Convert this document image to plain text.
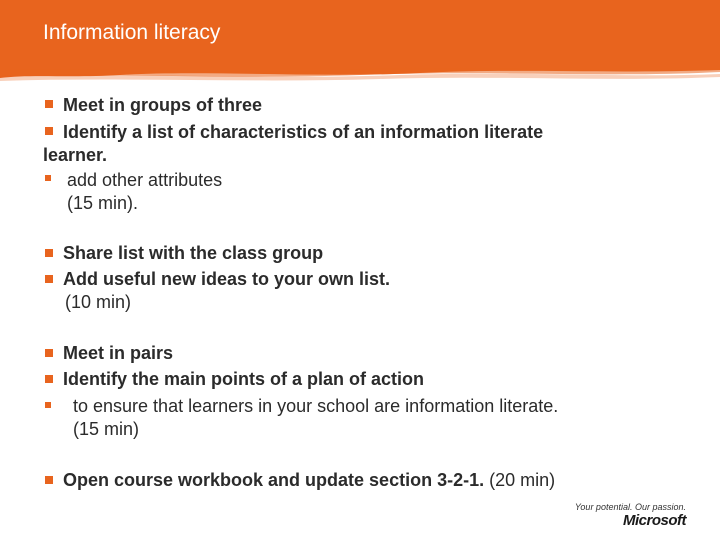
Information literacy
Meet in groups of three
Identify a list of characteristics of an information literate
learner.
add other attributes
(15 min).
Share list with the class group
Add useful new ideas to your own list.
(10 min)
Meet in pairs
Identify the main points of a plan of action
to ensure that learners in your school are information literate.
(15 min)
Open course workbook and update section 3-2-1. (20 min)
Your potential. Our passion.
Microsoft
